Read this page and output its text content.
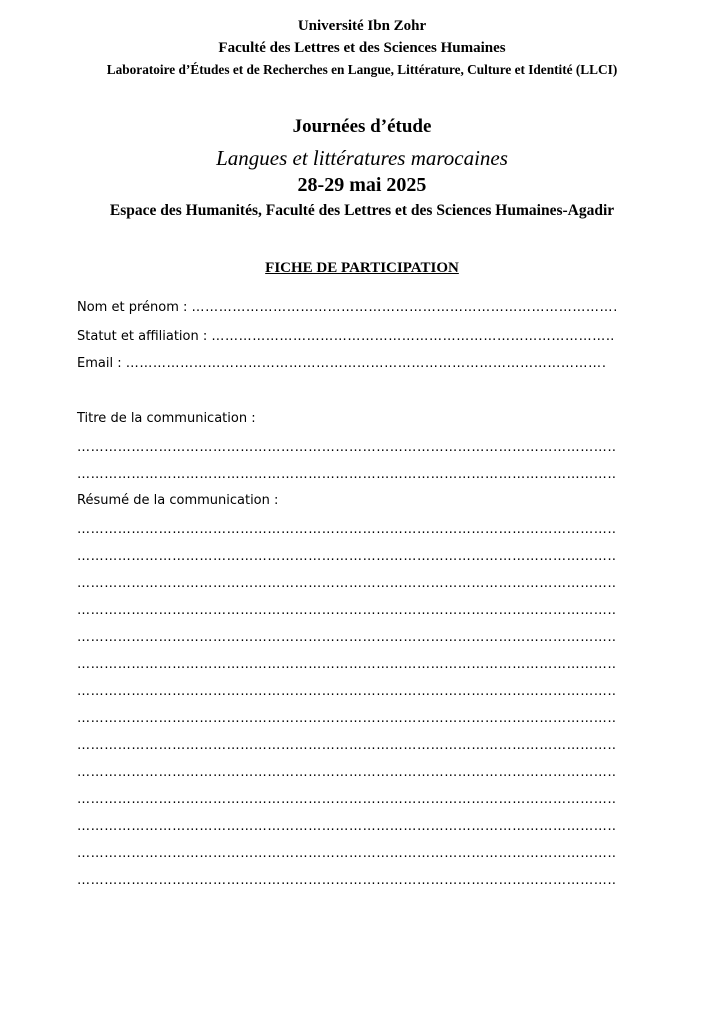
Université Ibn Zohr
Faculté des Lettres et des Sciences Humaines
Laboratoire d’Études et de Recherches en Langue, Littérature, Culture et Identité (LLCI)
Journées d’étude
Langues et littératures marocaines
28-29 mai 2025
Espace des Humanités, Faculté des Lettres et des Sciences Humaines-Agadir
FICHE DE PARTICIPATION
Nom et prénom :
………………………………………………………………………………………………………………………………
Statut et affiliation :
………………………………………………………………………………………………………………………………
Email :
………………………………………………………………………………………………………………………………
Titre de la communication :
………………………………………………………………………………………………………………………………
………………………………………………………………………………………………………………………………
Résumé de la communication :
………………………………………………………………………………………………………………………………
………………………………………………………………………………………………………………………………
………………………………………………………………………………………………………………………………
………………………………………………………………………………………………………………………………
………………………………………………………………………………………………………………………………
………………………………………………………………………………………………………………………………
………………………………………………………………………………………………………………………………
………………………………………………………………………………………………………………………………
………………………………………………………………………………………………………………………………
………………………………………………………………………………………………………………………………
………………………………………………………………………………………………………………………………
………………………………………………………………………………………………………………………………
………………………………………………………………………………………………………………………………
………………………………………………………………………………………………………………………………
